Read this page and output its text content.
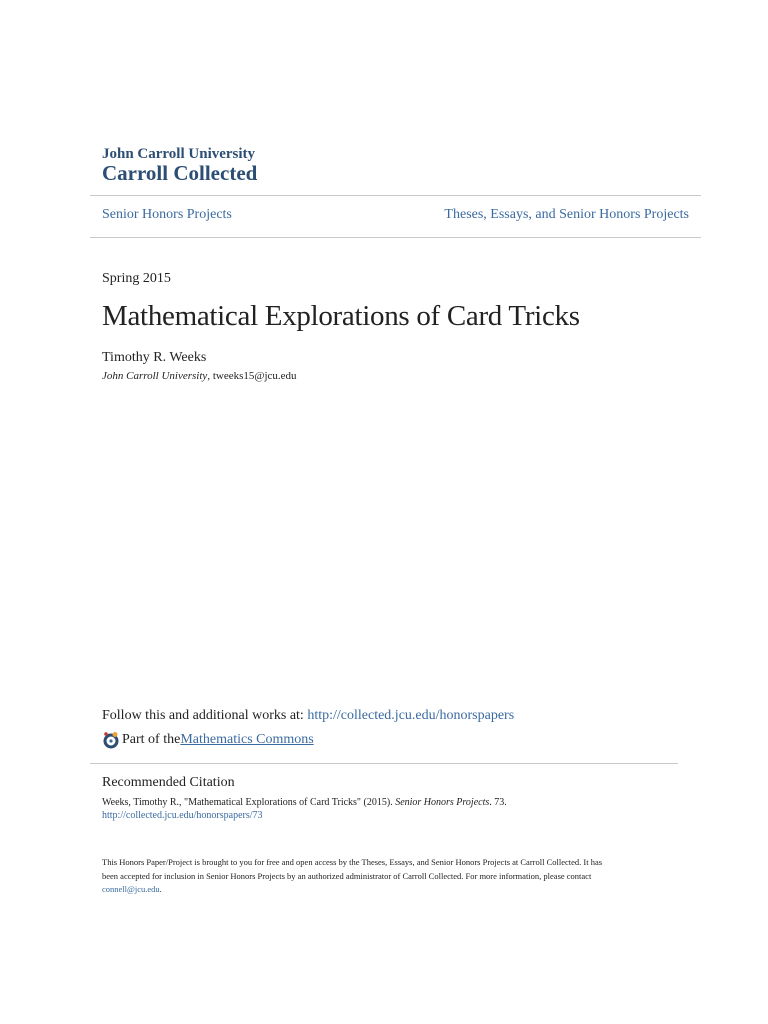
John Carroll University
Carroll Collected
Senior Honors Projects	Theses, Essays, and Senior Honors Projects
Spring 2015
Mathematical Explorations of Card Tricks
Timothy R. Weeks
John Carroll University, tweeks15@jcu.edu
Follow this and additional works at: http://collected.jcu.edu/honorspapers
Part of the Mathematics Commons
Recommended Citation
Weeks, Timothy R., "Mathematical Explorations of Card Tricks" (2015). Senior Honors Projects. 73.
http://collected.jcu.edu/honorspapers/73
This Honors Paper/Project is brought to you for free and open access by the Theses, Essays, and Senior Honors Projects at Carroll Collected. It has
been accepted for inclusion in Senior Honors Projects by an authorized administrator of Carroll Collected. For more information, please contact
connell@jcu.edu.
